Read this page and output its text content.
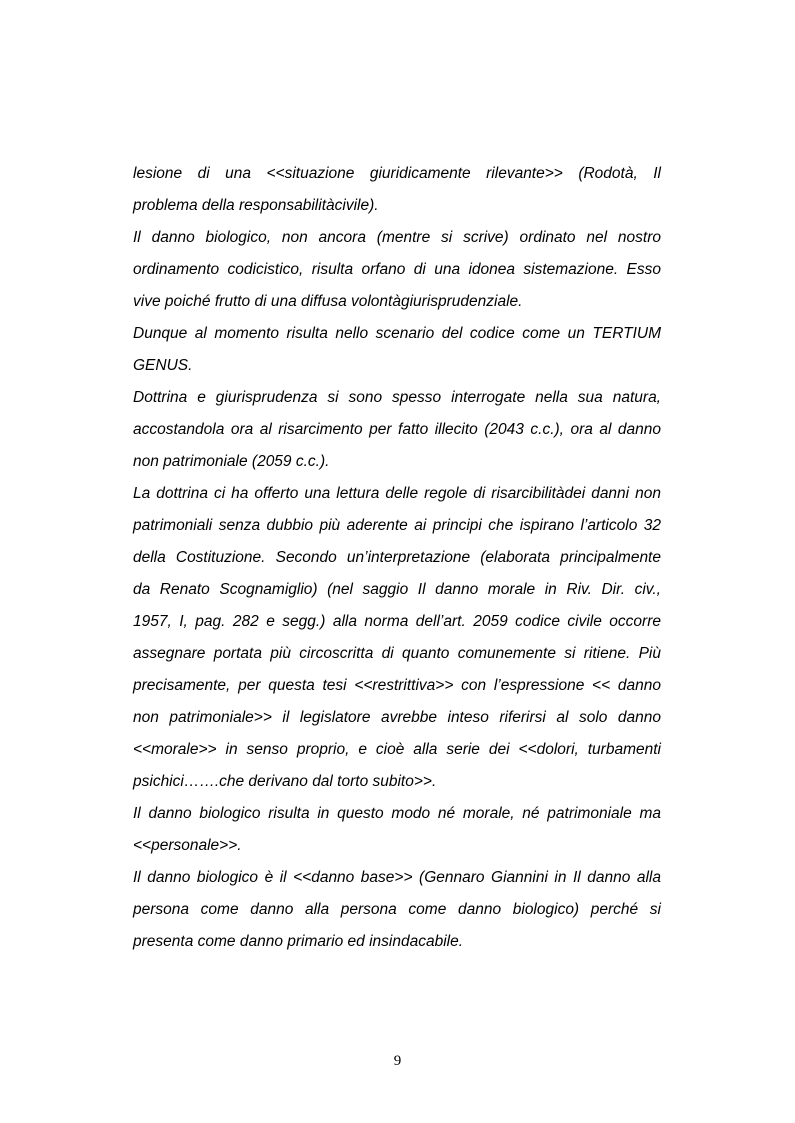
lesione di una <<situazione giuridicamente rilevante>> (Rodotà, Il
problema della responsabilitàcivile).
Il danno biologico, non ancora (mentre si scrive) ordinato nel nostro
ordinamento codicistico, risulta orfano di una idonea sistemazione. Esso
vive poiché frutto di una diffusa volontàgiurisprudenziale.
Dunque al momento risulta nello scenario del codice come un TERTIUM
GENUS.
Dottrina e giurisprudenza si sono spesso interrogate nella sua natura,
accostandola ora al risarcimento per fatto illecito (2043 c.c.), ora al danno
non patrimoniale (2059 c.c.).
La dottrina ci ha offerto una lettura delle regole di risarcibilitàdei danni non
patrimoniali senza dubbio più aderente ai principi che ispirano l’articolo 32
della Costituzione. Secondo un’interpretazione (elaborata principalmente
da Renato Scognamiglio) (nel saggio Il danno morale in Riv. Dir. civ.,
1957, I, pag. 282 e segg.) alla norma dell’art. 2059 codice civile occorre
assegnare portata più circoscritta di quanto comunemente si ritiene. Più
precisamente, per questa tesi <<restrittiva>> con l’espressione << danno
non patrimoniale>> il legislatore avrebbe inteso riferirsi al solo danno
<<morale>> in senso proprio, e cioè alla serie dei <<dolori, turbamenti
psichici…….che derivano dal torto subito>>.
Il danno biologico risulta in questo modo né morale, né patrimoniale ma
<<personale>>.
Il danno biologico è il <<danno base>> (Gennaro Giannini in Il danno alla
persona come danno alla persona come danno biologico) perché si
presenta come danno primario ed insindacabile.
9
